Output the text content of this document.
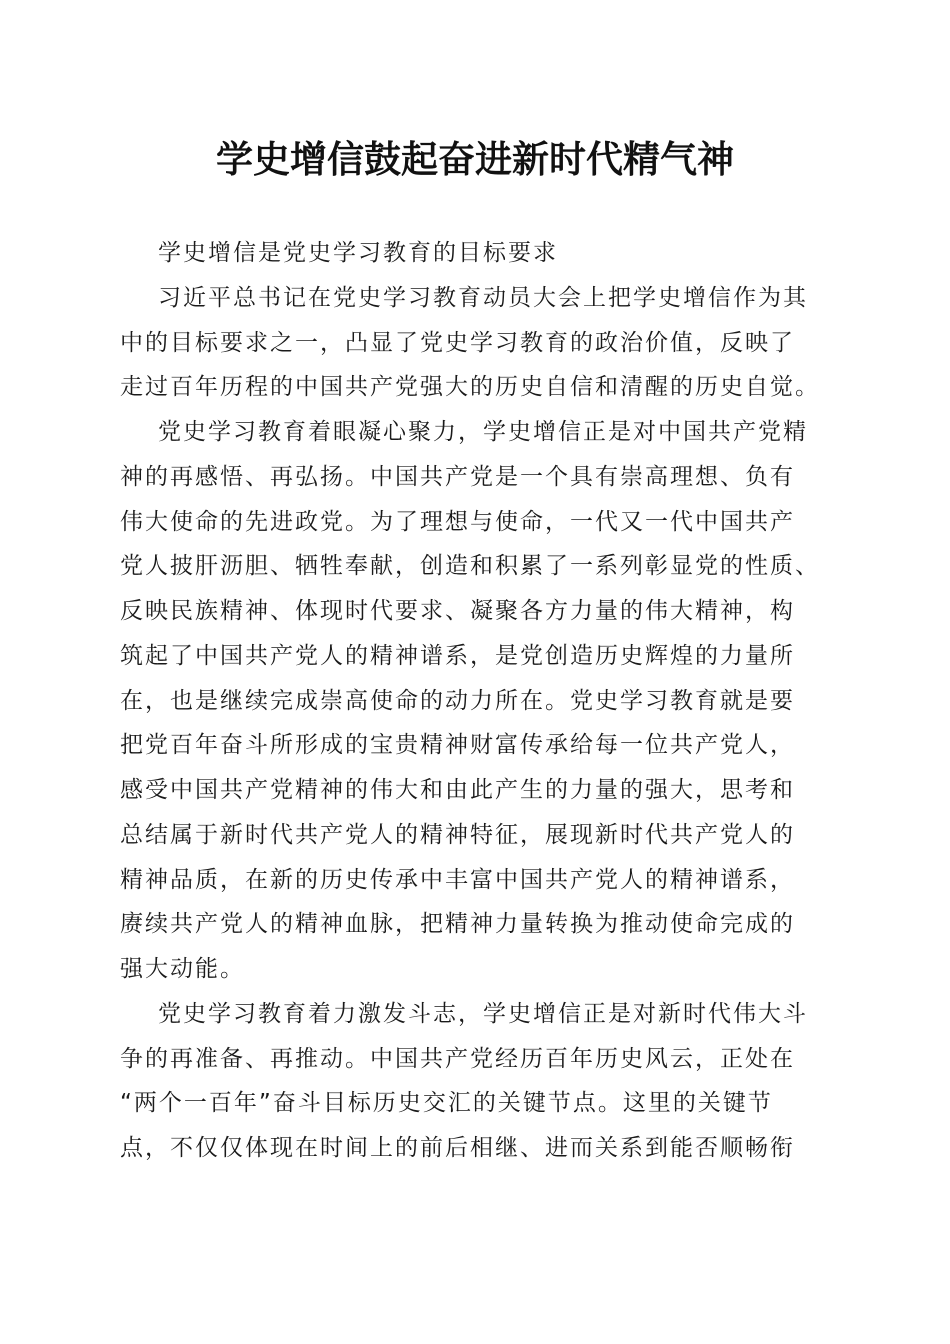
学史增信鼓起奋进新时代精气神
学史增信是党史学习教育的目标要求
习近平总书记在党史学习教育动员大会上把学史增信作为其
中的目标要求之一，凸显了党史学习教育的政治价值，反映了
走过百年历程的中国共产党强大的历史自信和清醒的历史自觉。
党史学习教育着眼凝心聚力，学史增信正是对中国共产党精
神的再感悟、再弘扬。中国共产党是一个具有崇高理想、负有
伟大使命的先进政党。为了理想与使命，一代又一代中国共产
党人披肝沥胆、牺牲奉献，创造和积累了一系列彰显党的性质、
反映民族精神、体现时代要求、凝聚各方力量的伟大精神，构
筑起了中国共产党人的精神谱系，是党创造历史辉煌的力量所
在，也是继续完成崇高使命的动力所在。党史学习教育就是要
把党百年奋斗所形成的宝贵精神财富传承给每一位共产党人，
感受中国共产党精神的伟大和由此产生的力量的强大，思考和
总结属于新时代共产党人的精神特征，展现新时代共产党人的
精神品质，在新的历史传承中丰富中国共产党人的精神谱系，
赓续共产党人的精神血脉，把精神力量转换为推动使命完成的
强大动能。
党史学习教育着力激发斗志，学史增信正是对新时代伟大斗
争的再准备、再推动。中国共产党经历百年历史风云，正处在
“两个一百年”奋斗目标历史交汇的关键节点。这里的关键节
点，不仅仅体现在时间上的前后相继、进而关系到能否顺畅衔
